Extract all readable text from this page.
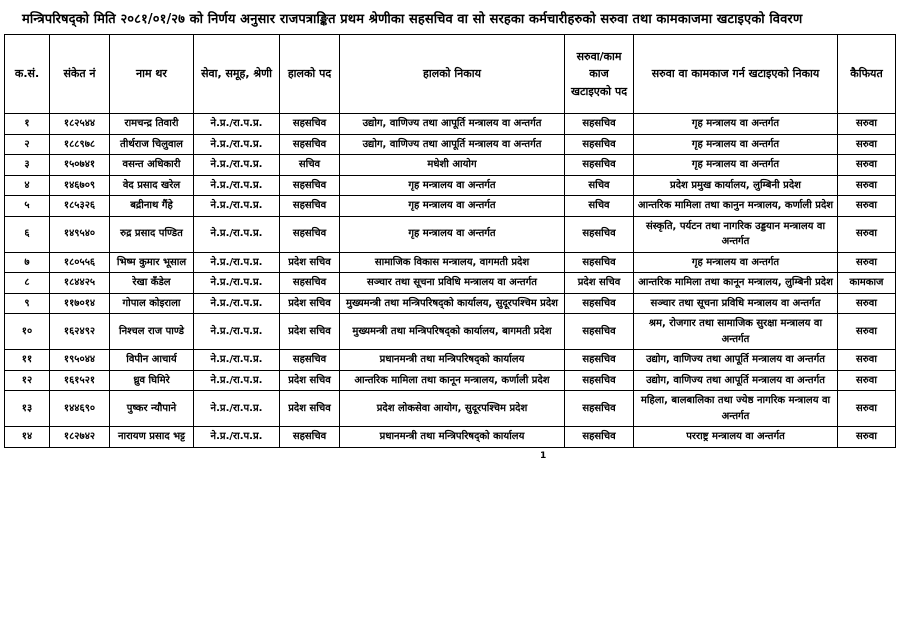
मन्त्रिपरिषद्को मिति २०८१/०१/२७ को निर्णय अनुसार राजपत्राङ्कित प्रथम श्रेणीका सहसचिव वा सो सरहका कर्मचारीहरुको सरुवा तथा कामकाजमा खटाइएको विवरण
क.सं.	संकेत नं	नाम थर	सेवा, समूह, श्रेणी	हालको पद	हालको निकाय	सरुवा/काम काज खटाइएको पद	सरुवा वा कामकाज गर्न खटाइएको निकाय	कैफियत
१	१८२५४४	रामचन्द्र तिवारी	ने.प्र./रा.प.प्र.	सहसचिव	उद्योग, वाणिज्य तथा आपूर्ति मन्त्रालय वा अन्तर्गत	सहसचिव	गृह मन्त्रालय वा अन्तर्गत	सरुवा
२	१८८९७८	तीर्थराज चिलुवाल	ने.प्र./रा.प.प्र.	सहसचिव	उद्योग, वाणिज्य तथा आपूर्ति मन्त्रालय वा अन्तर्गत	सहसचिव	गृह मन्त्रालय वा अन्तर्गत	सरुवा
३	१५०७४१	वसन्त अधिकारी	ने.प्र./रा.प.प्र.	सचिव	मधेशी आयोग	सहसचिव	गृह मन्त्रालय वा अन्तर्गत	सरुवा
४	१४६७०९	वेद प्रसाद खरेल	ने.प्र./रा.प.प्र.	सहसचिव	गृह मन्त्रालय वा अन्तर्गत	सचिव	प्रदेश प्रमुख कार्यालय, लुम्बिनी प्रदेश	सरुवा
५	१८५३२६	बद्रीनाथ गैंहे	ने.प्र./रा.प.प्र.	सहसचिव	गृह मन्त्रालय वा अन्तर्गत	सचिव	आन्तरिक मामिला तथा कानुन मन्त्रालय, कर्णाली प्रदेश	सरुवा
६	१४९५४०	रुद्र प्रसाद पण्डित	ने.प्र./रा.प.प्र.	सहसचिव	गृह मन्त्रालय वा अन्तर्गत	सहसचिव	संस्कृति, पर्यटन तथा नागरिक उड्डयान मन्त्रालय वा अन्तर्गत	सरुवा
७	१८०५५६	भिष्म कुमार भूसाल	ने.प्र./रा.प.प्र.	प्रदेश सचिव	सामाजिक विकास मन्त्रालय, वागमती प्रदेश	सहसचिव	गृह मन्त्रालय वा अन्तर्गत	सरुवा
८	१८४४२५	रेखा कँडेल	ने.प्र./रा.प.प्र.	सहसचिव	सञ्चार तथा सूचना प्रविधि मन्त्रालय वा अन्तर्गत	प्रदेश सचिव	आन्तरिक मामिला तथा कानून मन्त्रालय, लुम्बिनी प्रदेश	कामकाज
९	११७०१४	गोपाल कोइराला	ने.प्र./रा.प.प्र.	प्रदेश सचिव	मुख्यमन्त्री तथा मन्त्रिपरिषद्को कार्यालय, सुदूरपश्चिम प्रदेश	सहसचिव	सञ्चार तथा सूचना प्रविधि मन्त्रालय वा अन्तर्गत	सरुवा
१०	१६२४९२	निश्चल राज पाण्डे	ने.प्र./रा.प.प्र.	प्रदेश सचिव	मुख्यमन्त्री तथा मन्त्रिपरिषद्को कार्यालय, बागमती प्रदेश	सहसचिव	श्रम, रोजगार तथा सामाजिक सुरक्षा मन्त्रालय वा अन्तर्गत	सरुवा
११	१९५०४४	विपीन आचार्य	ने.प्र./रा.प.प्र.	सहसचिव	प्रधानमन्त्री तथा मन्त्रिपरिषद्को कार्यालय	सहसचिव	उद्योग, वाणिज्य तथा आपूर्ति मन्त्रालय वा अन्तर्गत	सरुवा
१२	१६१५२१	ध्रुव घिमिरे	ने.प्र./रा.प.प्र.	प्रदेश सचिव	आन्तरिक मामिला तथा कानून मन्त्रालय, कर्णाली प्रदेश	सहसचिव	उद्योग, वाणिज्य तथा आपूर्ति मन्त्रालय वा अन्तर्गत	सरुवा
१३	१४४६९०	पुष्कर न्यौपाने	ने.प्र./रा.प.प्र.	प्रदेश सचिव	प्रदेश लोकसेवा आयोग, सुदूरपश्चिम प्रदेश	सहसचिव	महिला, बालबालिका तथा ज्येष्ठ नागरिक मन्त्रालय वा अन्तर्गत	सरुवा
१४	१८२७४२	नारायण प्रसाद भट्ट	ने.प्र./रा.प.प्र.	सहसचिव	प्रधानमन्त्री तथा मन्त्रिपरिषद्को कार्यालय	सहसचिव	परराष्ट्र मन्त्रालय वा अन्तर्गत	सरुवा
1
